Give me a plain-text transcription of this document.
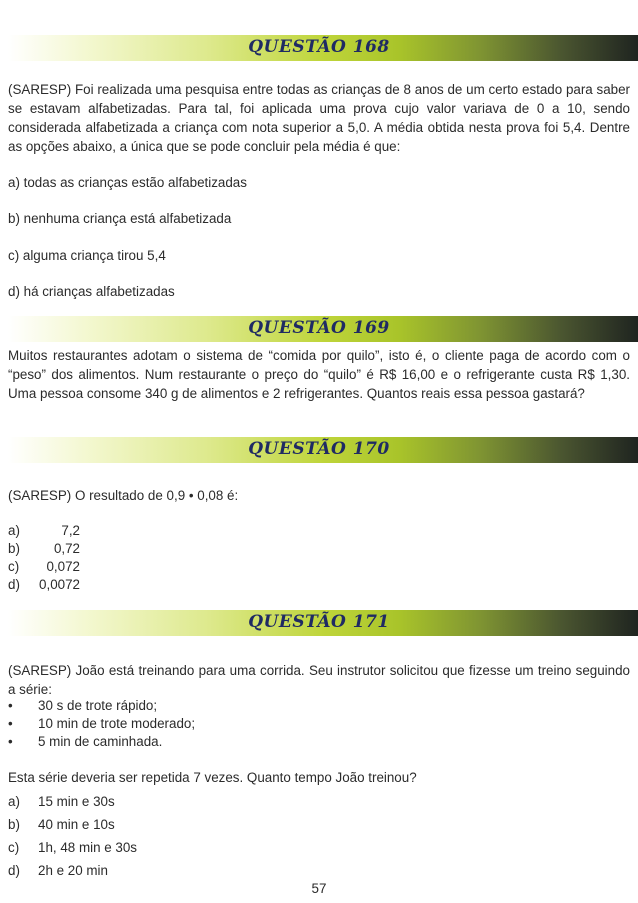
QUESTÃO 168

(SARESP) Foi realizada uma pesquisa entre todas as crianças de 8 anos de um certo estado para saber se estavam alfabetizadas. Para tal, foi aplicada uma prova cujo valor variava de 0 a 10, sendo considerada alfabetizada a criança com nota superior a 5,0. A média obtida nesta prova foi 5,4. Dentre as opções abaixo, a única que se pode concluir pela média é que:

a) todas as crianças estão alfabetizadas
b) nenhuma criança está alfabetizada
c) alguma criança tirou 5,4
d) há crianças alfabetizadas
QUESTÃO 169

Muitos restaurantes adotam o sistema de “comida por quilo”, isto é, o cliente paga de acordo com o “peso” dos alimentos. Num restaurante o preço do “quilo” é R$ 16,00 e o refrigerante custa R$ 1,30. Uma pessoa consome 340 g de alimentos e 2 refrigerantes. Quantos reais essa pessoa gastará?

QUESTÃO 170
(SARESP) O resultado de 0,9 • 0,08 é:
a)	7,2
b)	0,72
c)	0,072
d)	0,0072
QUESTÃO 171

(SARESP) João está treinando para uma corrida. Seu instrutor solicitou que fizesse um treino seguindo a série:

• 30 s de trote rápido;
• 10 min de trote moderado;
• 5 min de caminhada.
Esta série deveria ser repetida 7 vezes. Quanto tempo João treinou?
a) 15 min e 30s
b) 40 min e 10s
c) 1h, 48 min e 30s
d) 2h e 20 min
57
